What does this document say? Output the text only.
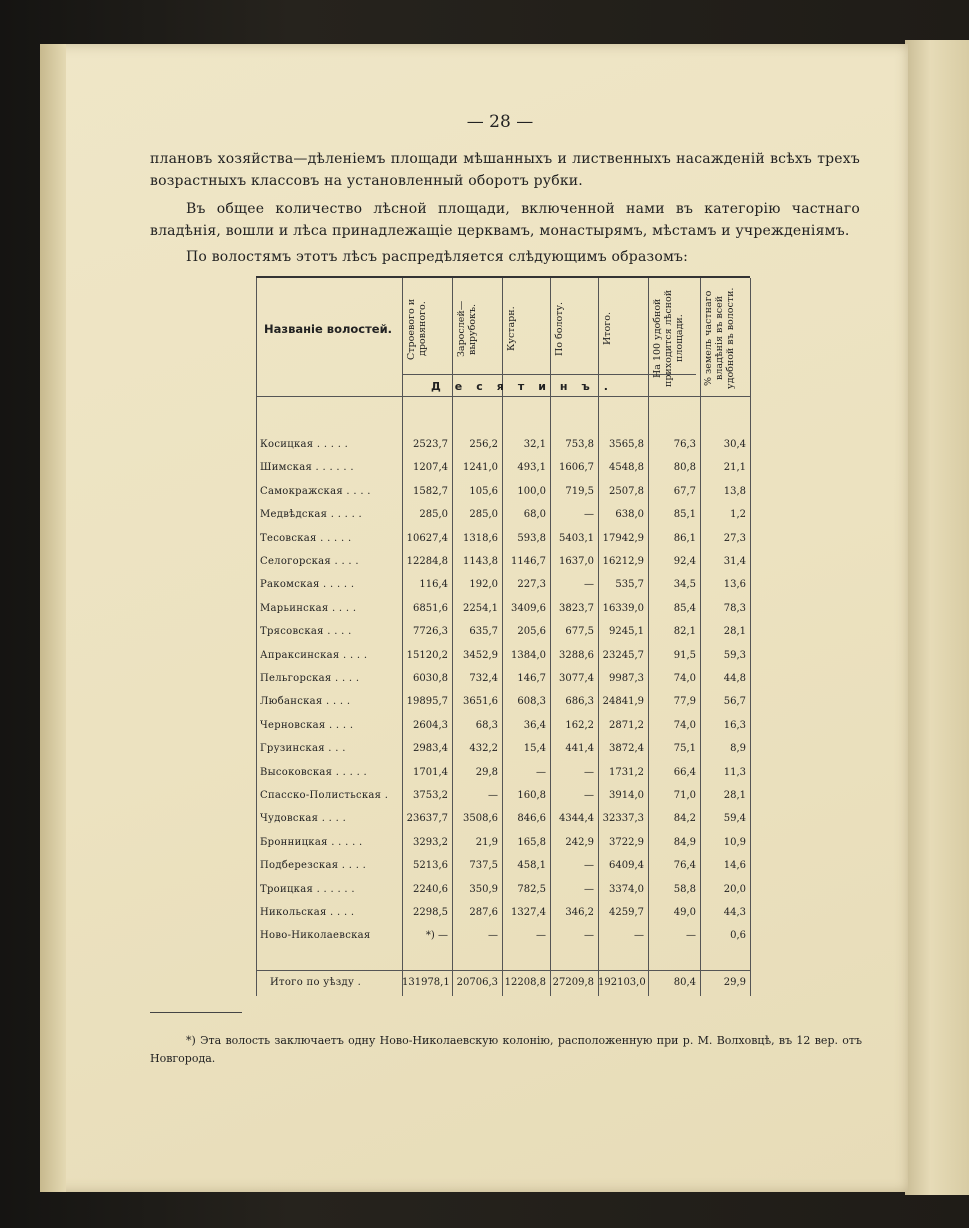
— 28 —
плановъ хозяйства—дѣленіемъ площади мѣшанныхъ и лиственныхъ насажденій всѣхъ трехъ возрастныхъ классовъ на установленный оборотъ рубки.
Въ общее количество лѣсной площади, включенной нами въ категорію частнаго владѣнія, вошли и лѣса принадлежащіе церквамъ, монастырямъ, мѣстамъ и учрежденіямъ.
По волостямъ этотъ лѣсъ распредѣляется слѣдующимъ образомъ:
Названіе волостей.	Строевого и дровяного.	Зарослей—вырубокъ.	Кустарн.	По болоту.	Итого.	На 100 удобной приходится лѣсной площади.	% земель частнаго владѣнія въ всей удобной въ волости.
Десятинъ.
Косицкая . . . . .	2523,7	256,2	32,1	753,8	3565,8	76,3	30,4
Шимская . . . . . .	1207,4	1241,0	493,1	1606,7	4548,8	80,8	21,1
Самокражская . . . .	1582,7	105,6	100,0	719,5	2507,8	67,7	13,8
Медвѣдская . . . . .	285,0	285,0	68,0	—	638,0	85,1	1,2
Тесовская . . . . .	10627,4	1318,6	593,8	5403,1 17942,9	86,1	27,3
Сeлогорская . . . .	12284,8	1143,8	1146,7	1637,0 16212,9	92,4	31,4
Ракомская . . . . .	116,4	192,0	227,3	—	535,7	34,5	13,6
Марьинская . . . .	6851,6	2254,1	3409,6	3823,7 16339,0	85,4	78,3
Трясовская . . . .	7726,3	635,7	205,6	677,5	9245,1	82,1	28,1
Апраксинская . . . .	15120,2	3452,9	1384,0	3288,6 23245,7	91,5	59,3
Пельгорская . . . .	6030,8	732,4	146,7	3077,4	9987,3	74,0	44,8
Любанская . . . .	19895,7	3651,6	608,3	686,3 24841,9	77,9	56,7
Черновская . . . .	2604,3	68,3	36,4	162,2	2871,2	74,0	16,3
Грузинская . . .	2983,4	432,2	15,4	441,4	3872,4	75,1	8,9
Высоковская . . . . .	1701,4	29,8	—	—	1731,2	66,4	11,3
Спасско-Полистьская .	3753,2	—	160,8	—	3914,0	71,0	28,1
Чудовская . . . .	23637,7	3508,6	846,6	4344,4 32337,3	84,2	59,4
Бронницкая . . . . .	3293,2	21,9	165,8	242,9	3722,9	84,9	10,9
Подберезская . . . .	5213,6	737,5	458,1	—	6409,4	76,4	14,6
Троицкая . . . . . .	2240,6	350,9	782,5	—	3374,0	58,8	20,0
Никольская . . . .	2298,5	287,6	1327,4	346,2	4259,7	49,0	44,3
Ново-Николаевская	*) —	—	—	—	—	—	0,6
Итого по уѣзду .	131978,1 20706,3 12208,8 27209,8 192103,0	80,4	29,9
*) Эта волость заключаетъ одну Ново-Николаевскую колонію, расположенную при р. М. Волховцѣ, въ 12 вер. отъ Новгорода.
